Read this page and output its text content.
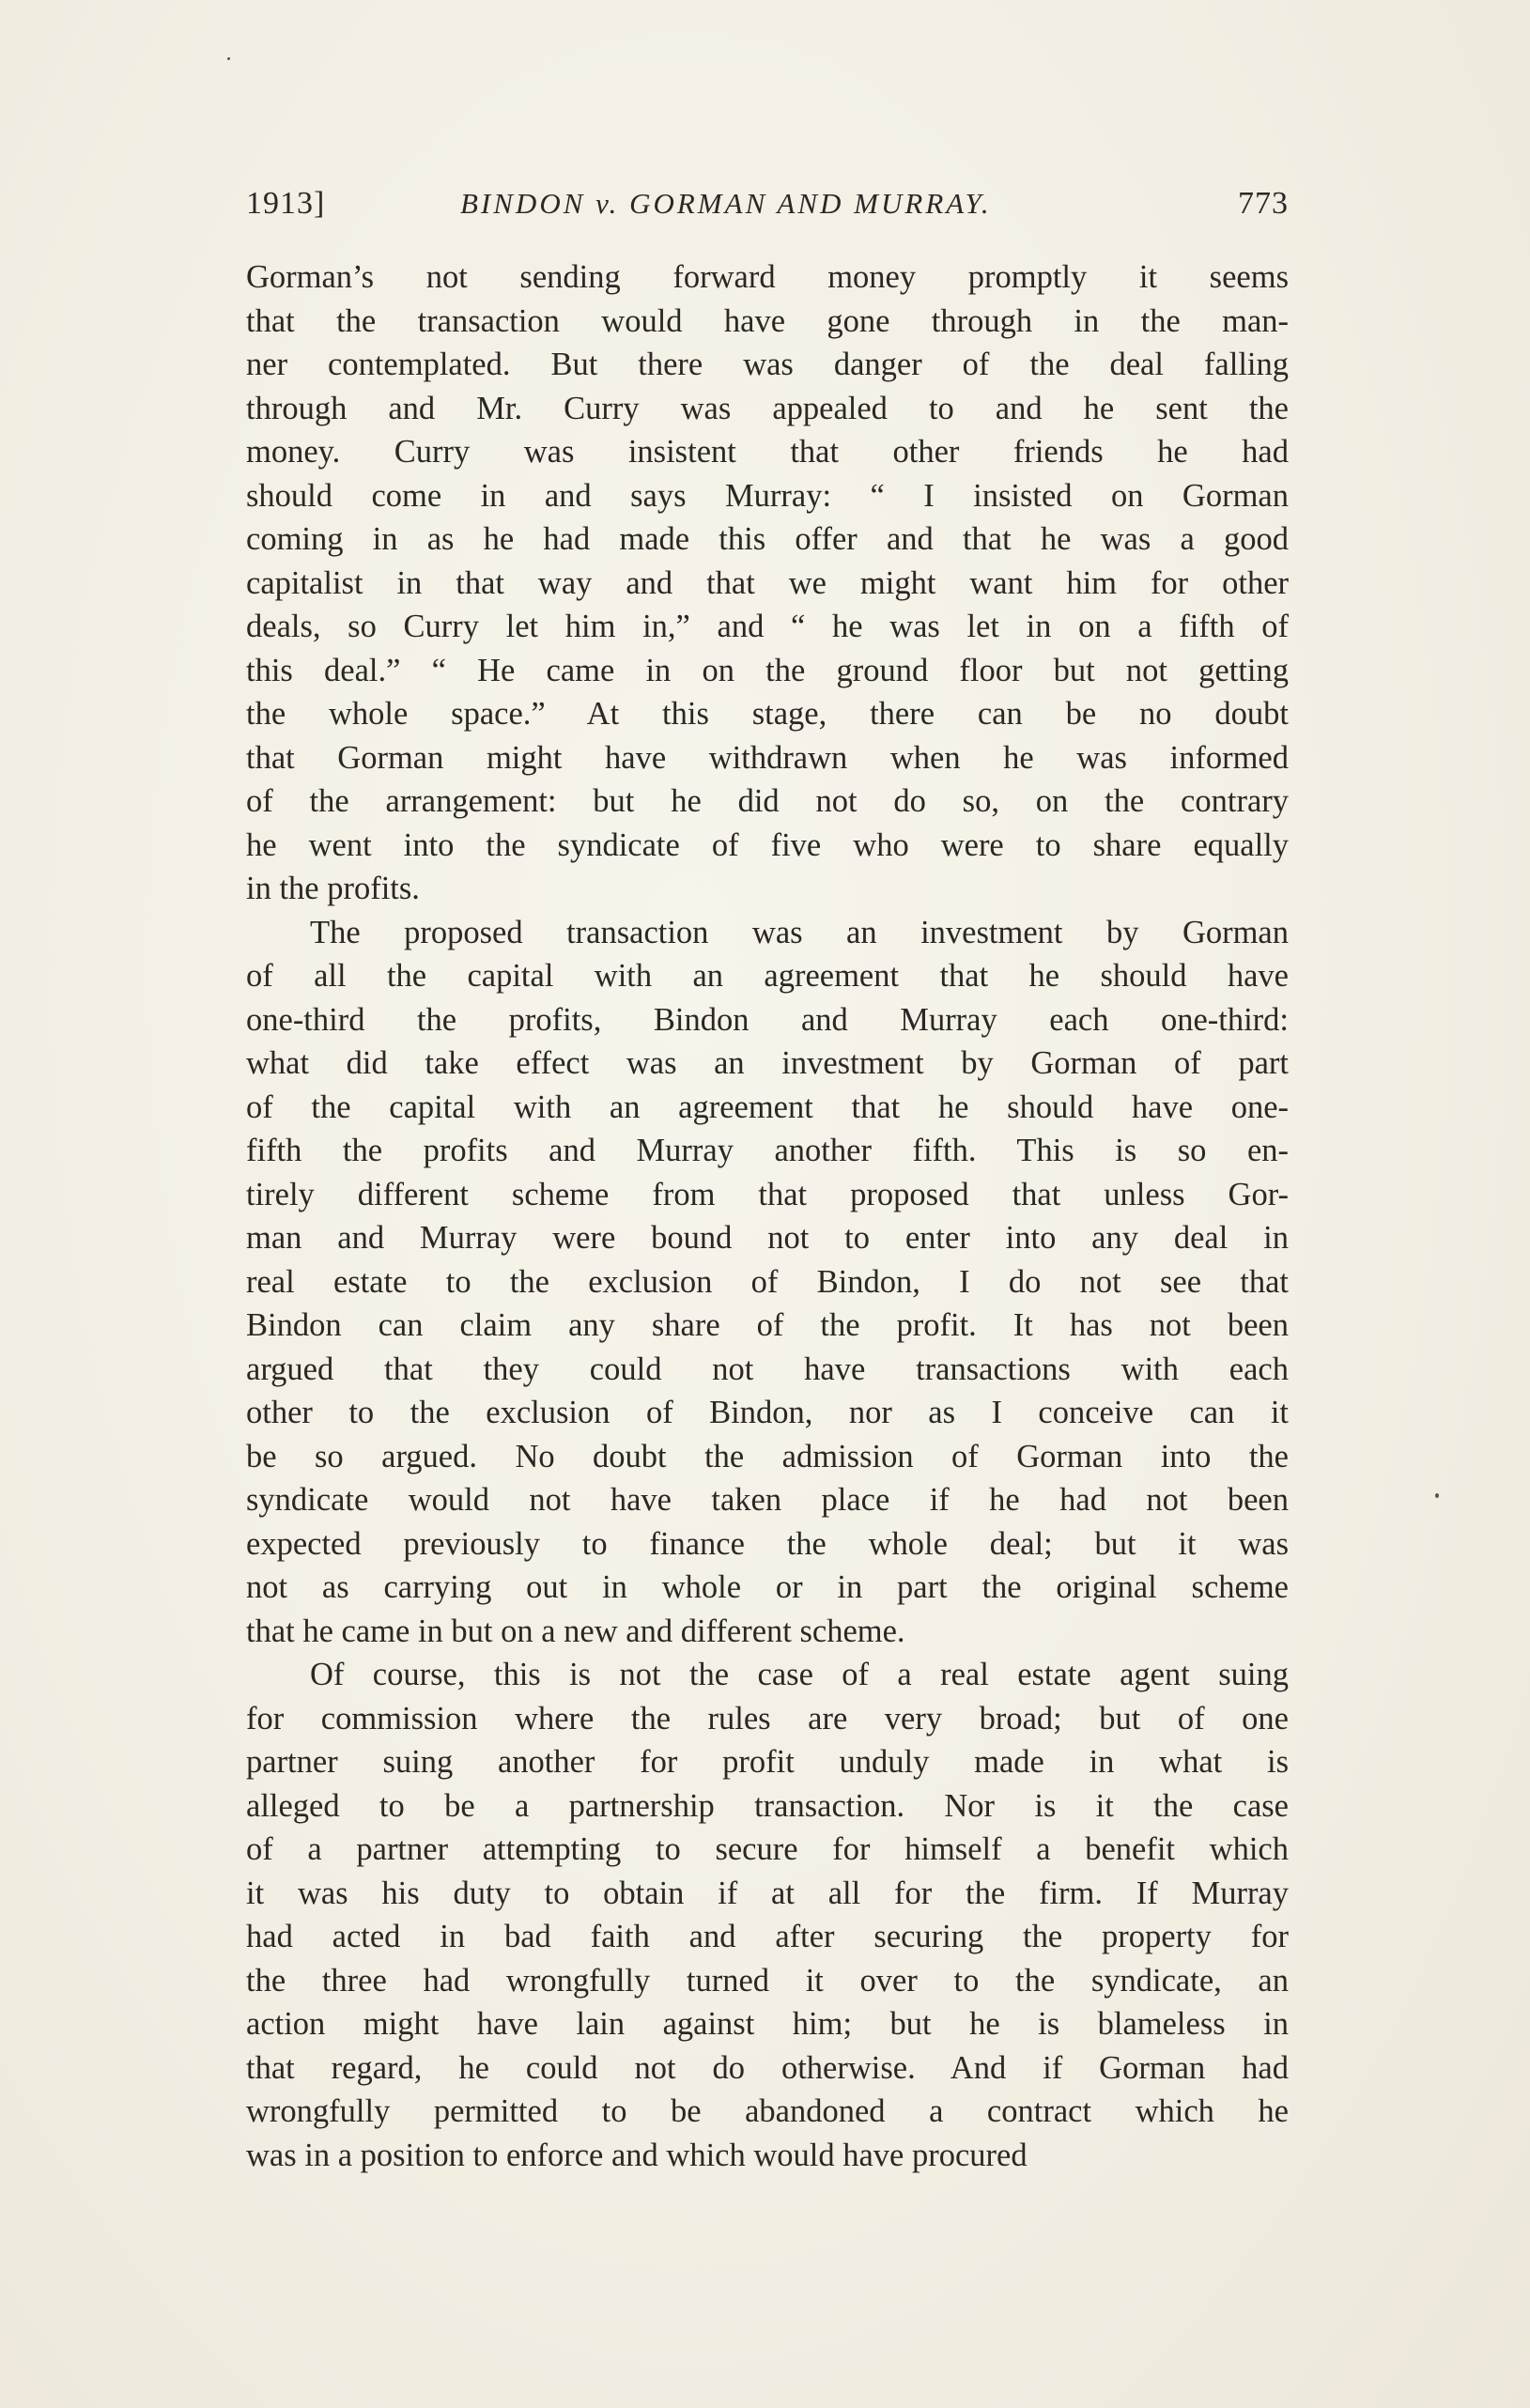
1913]	BINDON v. GORMAN AND MURRAY.	773
Gorman’s not sending forward money promptly it seems
that the transaction would have gone through in the man-
ner contemplated. But there was danger of the deal falling
through and Mr. Curry was appealed to and he sent the
money. Curry was insistent that other friends he had
should come in and says Murray: “ I insisted on Gorman
coming in as he had made this offer and that he was a good
capitalist in that way and that we might want him for other
deals, so Curry let him in,” and “ he was let in on a fifth of
this deal.” “ He came in on the ground floor but not getting
the whole space.” At this stage, there can be no doubt
that Gorman might have withdrawn when he was informed
of the arrangement: but he did not do so, on the contrary
he went into the syndicate of five who were to share equally
in the profits.
The proposed transaction was an investment by Gorman
of all the capital with an agreement that he should have
one-third the profits, Bindon and Murray each one-third:
what did take effect was an investment by Gorman of part
of the capital with an agreement that he should have one-
fifth the profits and Murray another fifth. This is so en-
tirely different scheme from that proposed that unless Gor-
man and Murray were bound not to enter into any deal in
real estate to the exclusion of Bindon, I do not see that
Bindon can claim any share of the profit. It has not been
argued that they could not have transactions with each
other to the exclusion of Bindon, nor as I conceive can it
be so argued. No doubt the admission of Gorman into the
syndicate would not have taken place if he had not been
expected previously to finance the whole deal; but it was
not as carrying out in whole or in part the original scheme
that he came in but on a new and different scheme.
Of course, this is not the case of a real estate agent suing
for commission where the rules are very broad; but of one
partner suing another for profit unduly made in what is
alleged to be a partnership transaction. Nor is it the case
of a partner attempting to secure for himself a benefit which
it was his duty to obtain if at all for the firm. If Murray
had acted in bad faith and after securing the property for
the three had wrongfully turned it over to the syndicate, an
action might have lain against him; but he is blameless in
that regard, he could not do otherwise. And if Gorman had
wrongfully permitted to be abandoned a contract which he
was in a position to enforce and which would have procured
